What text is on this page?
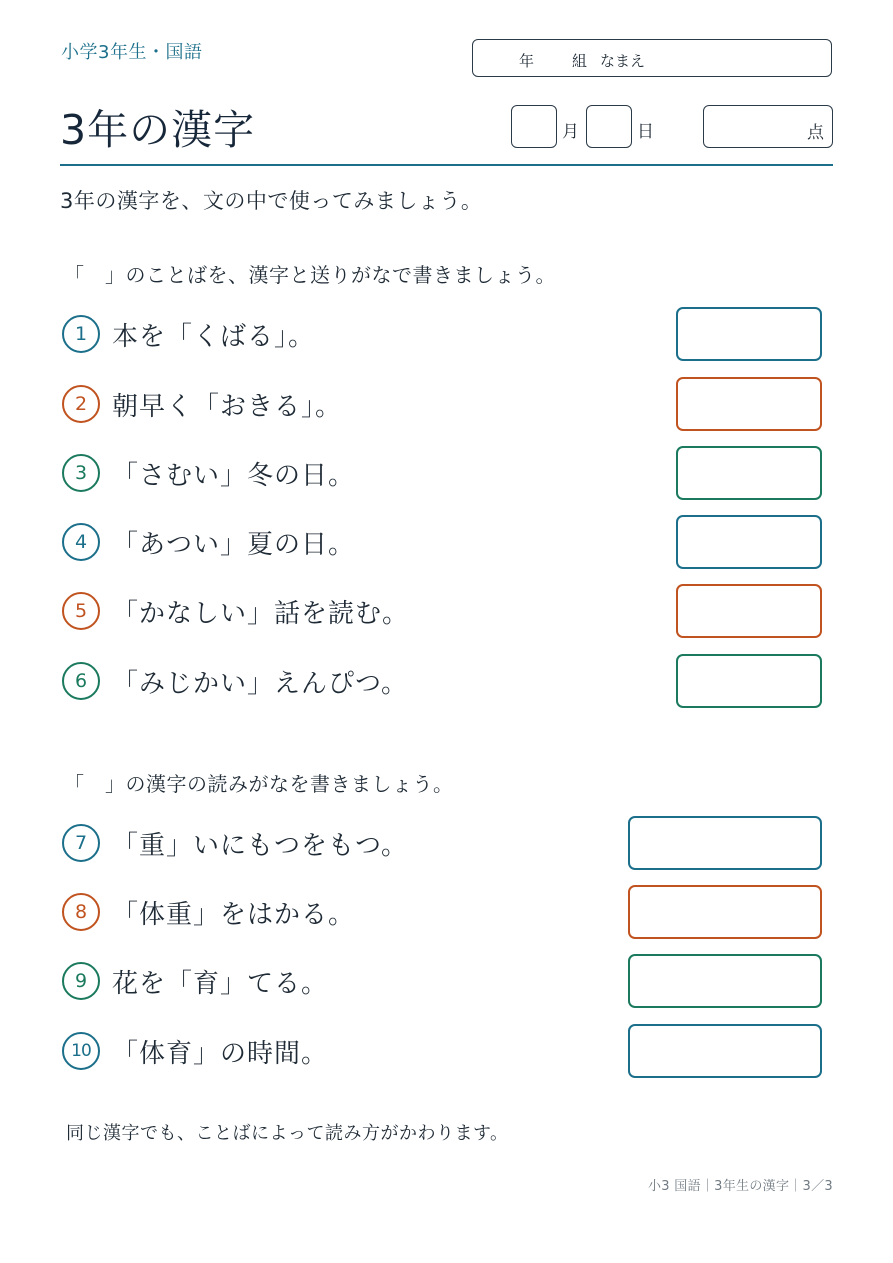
小学3年生・国語	年	組 なまえ
3年の漢字	月	日	点
3年の漢字を、文の中で使ってみましょう。
「　」のことばを、漢字と送りがなで書きましょう。
1 本を「くばる」。
2 朝早く「おきる」。
3 「さむい」冬の日。
4 「あつい」夏の日。
5 「かなしい」話を読む。
6 「みじかい」えんぴつ。
「　」の漢字の読みがなを書きましょう。
7 「重」いにもつをもつ。
8 「体重」をはかる。
9 花を「育」てる。
10 「体育」の時間。
同じ漢字でも、ことばによって読み方がかわります。
小3 国語｜3年生の漢字｜3／3
